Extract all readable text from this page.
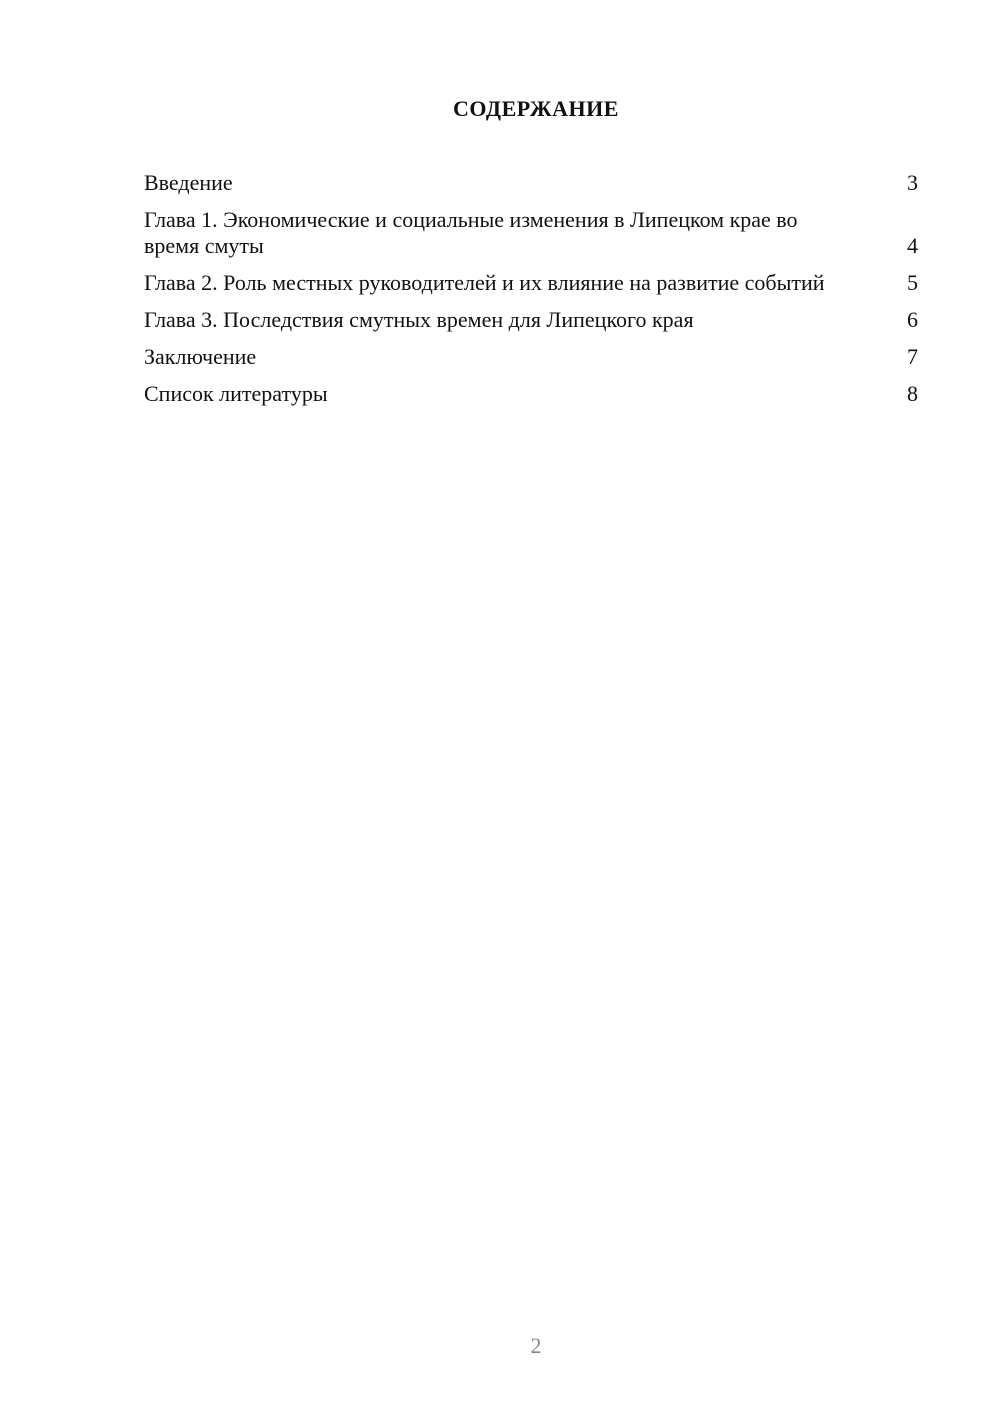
СОДЕРЖАНИЕ
Введение	3
Глава 1. Экономические и социальные изменения в Липецком крае во время смуты	4
Глава 2. Роль местных руководителей и их влияние на развитие событий	5
Глава 3. Последствия смутных времен для Липецкого края	6
Заключение	7
Список литературы	8
2
